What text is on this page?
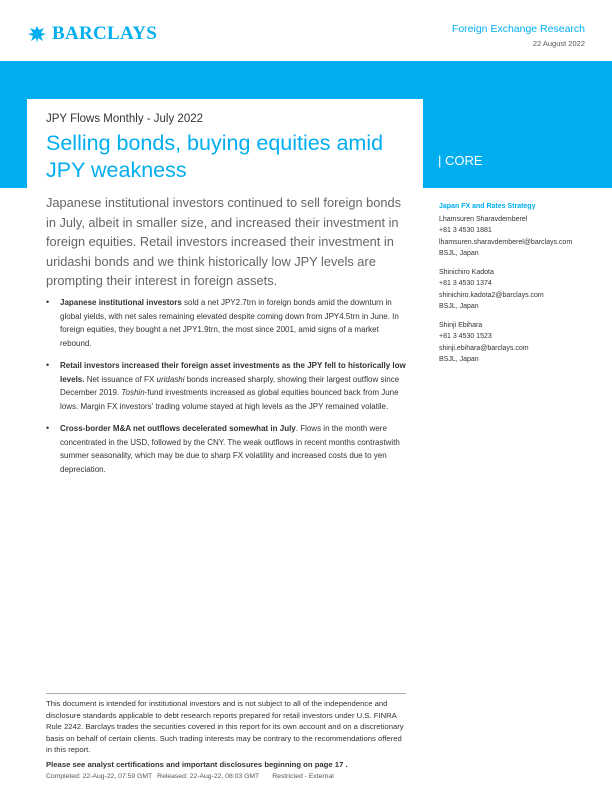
BARCLAYS	Foreign Exchange Research
22 August 2022
JPY Flows Monthly - July 2022
Selling bonds, buying equities amid JPY weakness	| CORE

Japanese institutional investors continued to sell foreign bonds in July, albeit in smaller size, and increased their investment in foreign equities. Retail investors increased their investment in uridashi bonds and we think historically low JPY levels are prompting their interest in foreign assets.

• Japanese institutional investors sold a net JPY2.7trn in foreign bonds amid the downturn in global yields, with net sales remaining elevated despite coming down from JPY4.5trn in June. In foreign equities, they bought a net JPY1.9trn, the most since 2001, amid signs of a market rebound.
• Retail investors increased their foreign asset investments as the JPY fell to historically low levels. Net issuance of FX uridashi bonds increased sharply, showing their largest outflow since December 2019. Toshin-fund investments increased as global equities bounced back from June lows. Margin FX investors' trading volume stayed at high levels as the JPY remained volatile.
• Cross-border M&A net outflows decelerated somewhat in July. Flows in the month were concentrated in the USD, followed by the CNY. The weak outflows in recent months contrastwith summer seasonality, which may be due to sharp FX volatility and increased costs due to yen depreciation.
Japan FX and Rates Strategy
Lhamsuren Sharavdemberel
+81 3 4530 1881
lhamsuren.sharavdemberel@barclays.com
BSJL, Japan
Shinichiro Kadota
+81 3 4530 1374
shinichiro.kadota2@barclays.com
BSJL, Japan
Shinji Ebihara
+81 3 4530 1523
shinji.ebihara@barclays.com
BSJL, Japan

This document is intended for institutional investors and is not subject to all of the independence and disclosure standards applicable to debt research reports prepared for retail investors under U.S. FINRA Rule 2242. Barclays trades the securities covered in this report for its own account and on a discretionary basis on behalf of certain clients. Such trading interests may be contrary to the recommendations offered in this report.

Please see analyst certifications and important disclosures beginning on page 17 .

Completed: 22-Aug-22, 07:59 GMT Released: 22-Aug-22, 08:03 GMT Restricted - External
